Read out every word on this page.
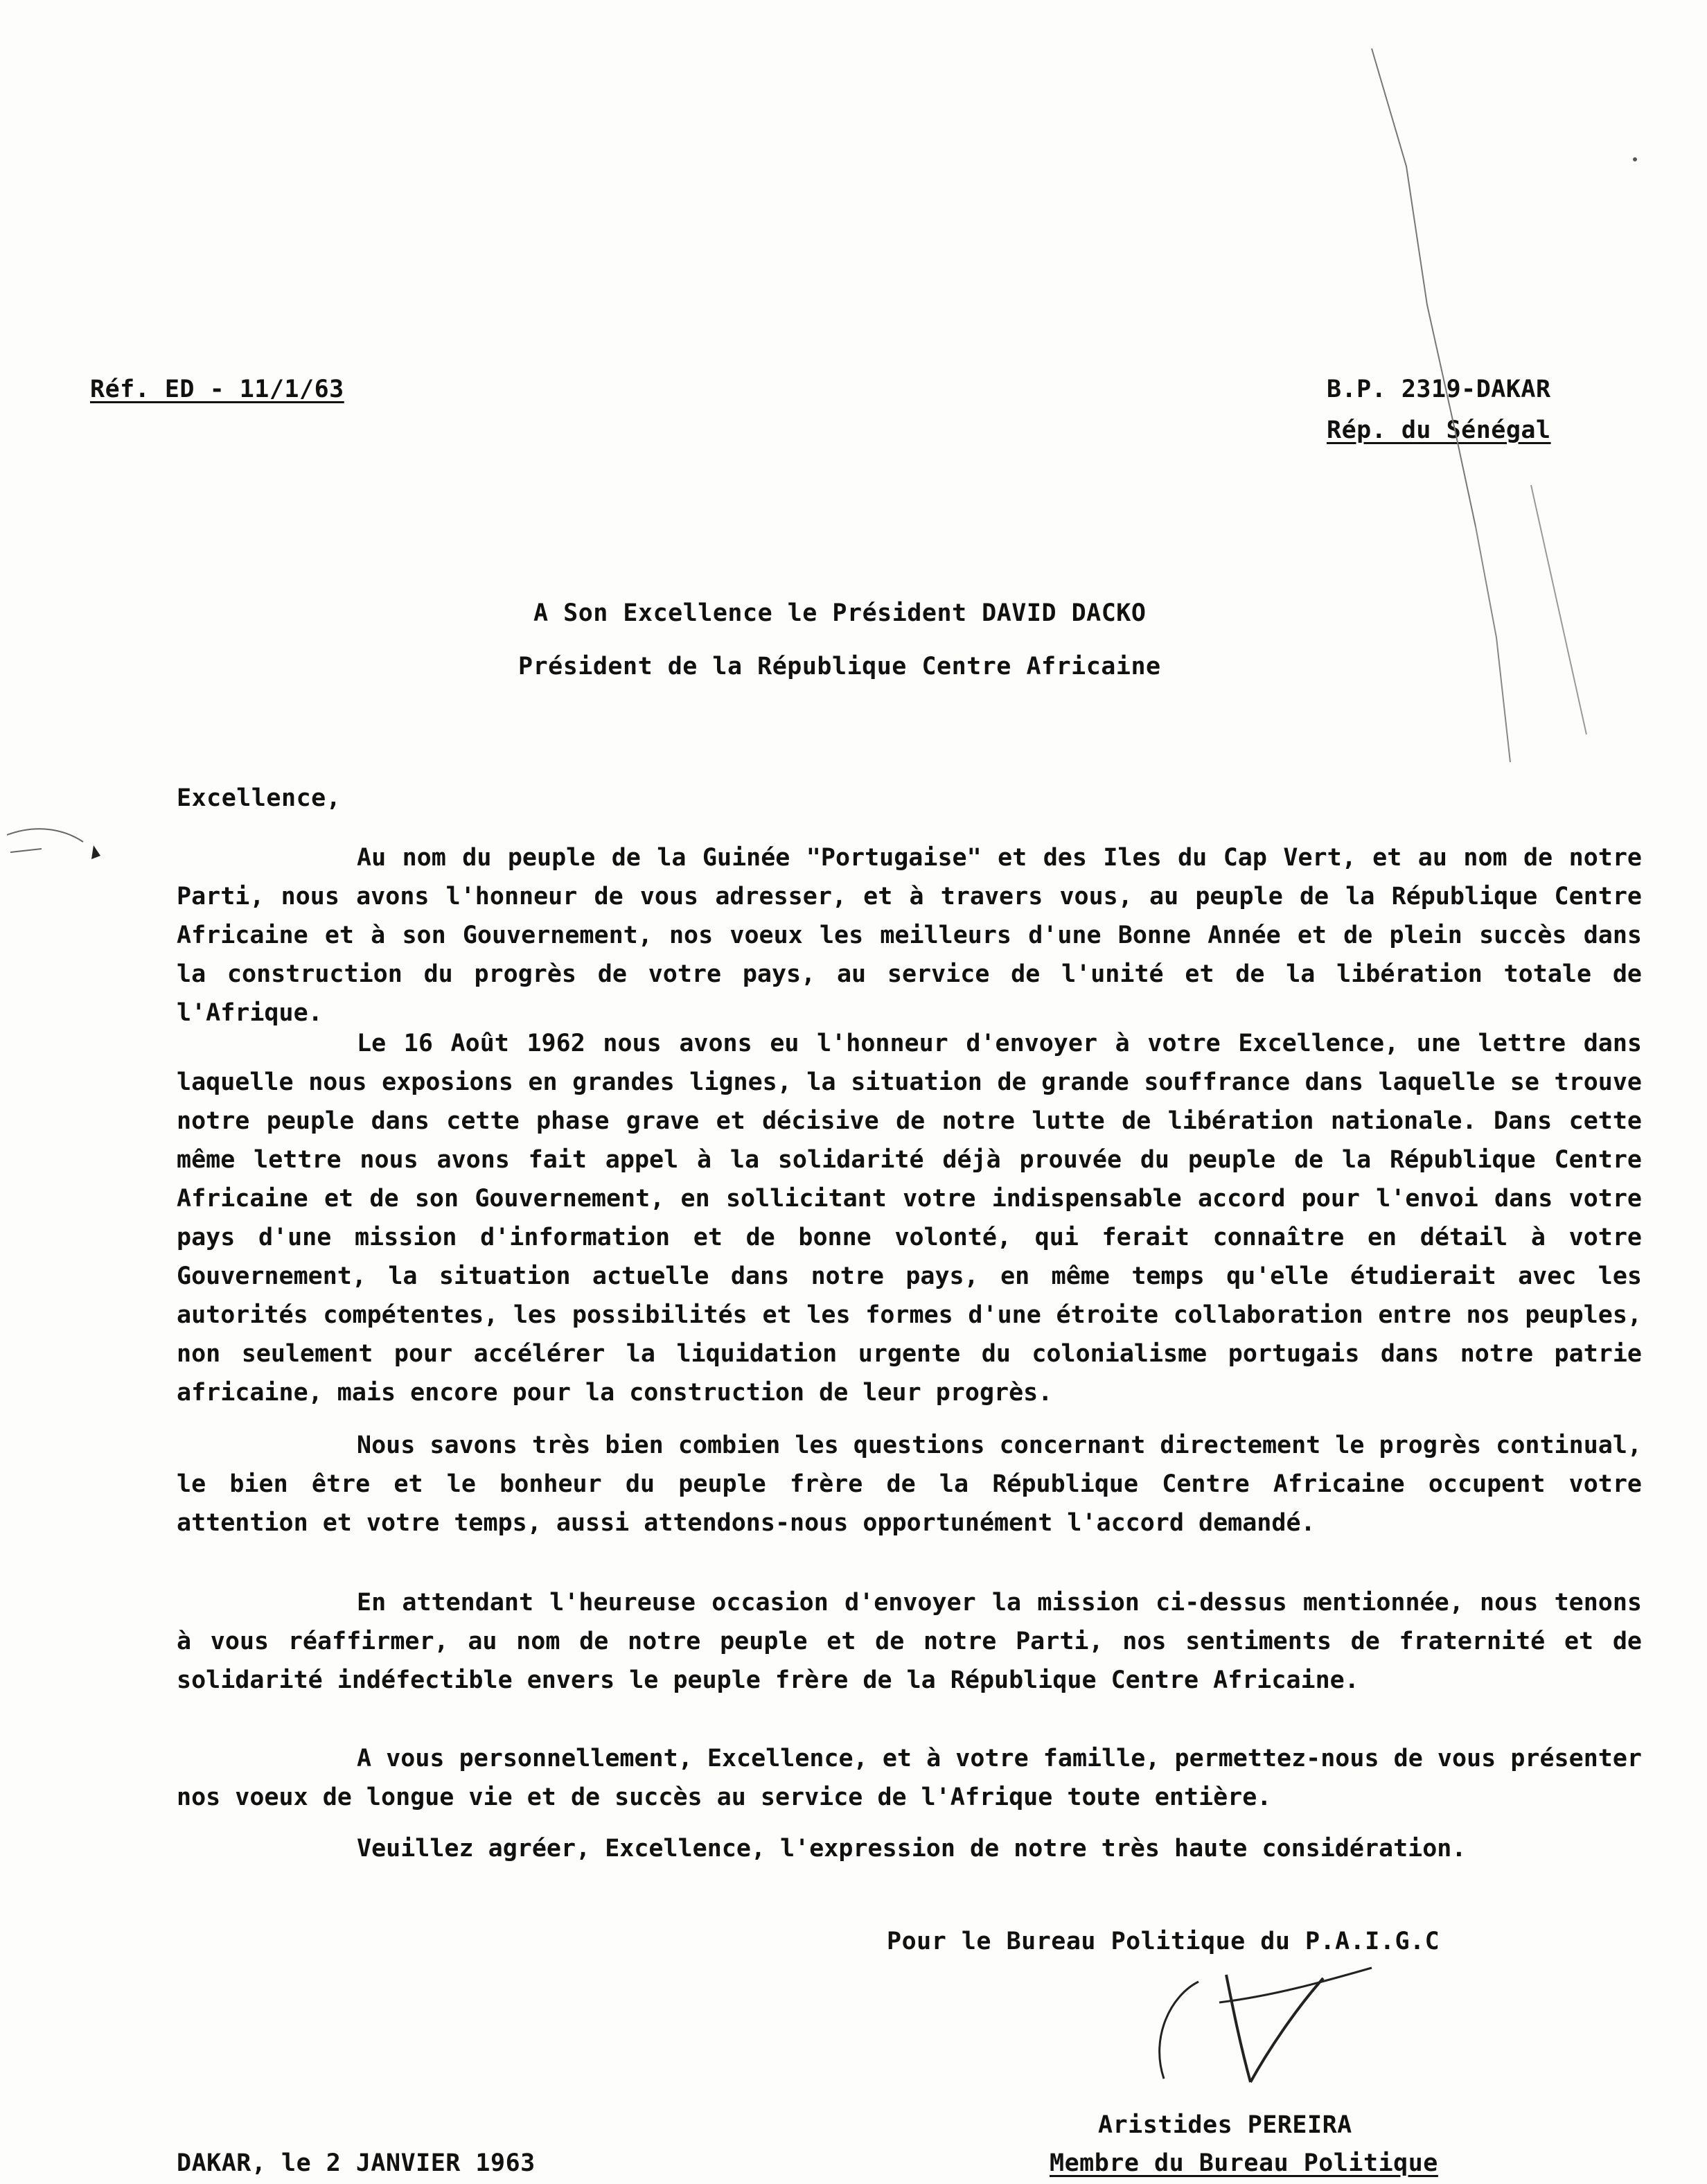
Réf. ED - 11/1/63	B.P. 2319-DAKAR
Rép. du Sénégal
A Son Excellence le Président DAVID DACKO
Président de la République Centre Africaine
Excellence,
Au nom du peuple de la Guinée "Portugaise" et des Iles du Cap Vert, et au nom de notre Parti, nous avons l'honneur de vous adresser, et à travers vous, au peuple de la République Centre Africaine et à son Gouvernement, nos voeux les meilleurs d'une Bonne Année et de plein succès dans la construction du progrès de votre pays, au service de l'unité et de la libération totale de l'Afrique.
Le 16 Août 1962 nous avons eu l'honneur d'envoyer à votre Excellence, une lettre dans laquelle nous exposions en grandes lignes, la situation de grande souffrance dans laquelle se trouve notre peuple dans cette phase grave et décisive de notre lutte de libération nationale. Dans cette même lettre nous avons fait appel à la solidarité déjà prouvée du peuple de la République Centre Africaine et de son Gouvernement, en sollicitant votre indispensable accord pour l'envoi dans votre pays d'une mission d'information et de bonne volonté, qui ferait connaître en détail à votre Gouvernement, la situation actuelle dans notre pays, en même temps qu'elle étudierait avec les autorités compétentes, les possibilités et les formes d'une étroite collaboration entre nos peuples, non seulement pour accélérer la liquidation urgente du colonialisme portugais dans notre patrie africaine, mais encore pour la construction de leur progrès.
Nous savons très bien combien les questions concernant directement le progrès continual, le bien être et le bonheur du peuple frère de la République Centre Africaine occupent votre attention et votre temps, aussi attendons-nous opportunément l'accord demandé.
En attendant l'heureuse occasion d'envoyer la mission ci-dessus mentionnée, nous tenons à vous réaffirmer, au nom de notre peuple et de notre Parti, nos sentiments de fraternité et de solidarité indéfectible envers le peuple frère de la République Centre Africaine.
A vous personnellement, Excellence, et à votre famille, permettez-nous de vous présenter nos voeux de longue vie et de succès au service de l'Afrique toute entière.
Veuillez agréer, Excellence, l'expression de notre très haute considération.
Pour le Bureau Politique du P.A.I.G.C
Aristides PEREIRA
Membre du Bureau Politique
DAKAR, le 2 JANVIER 1963
